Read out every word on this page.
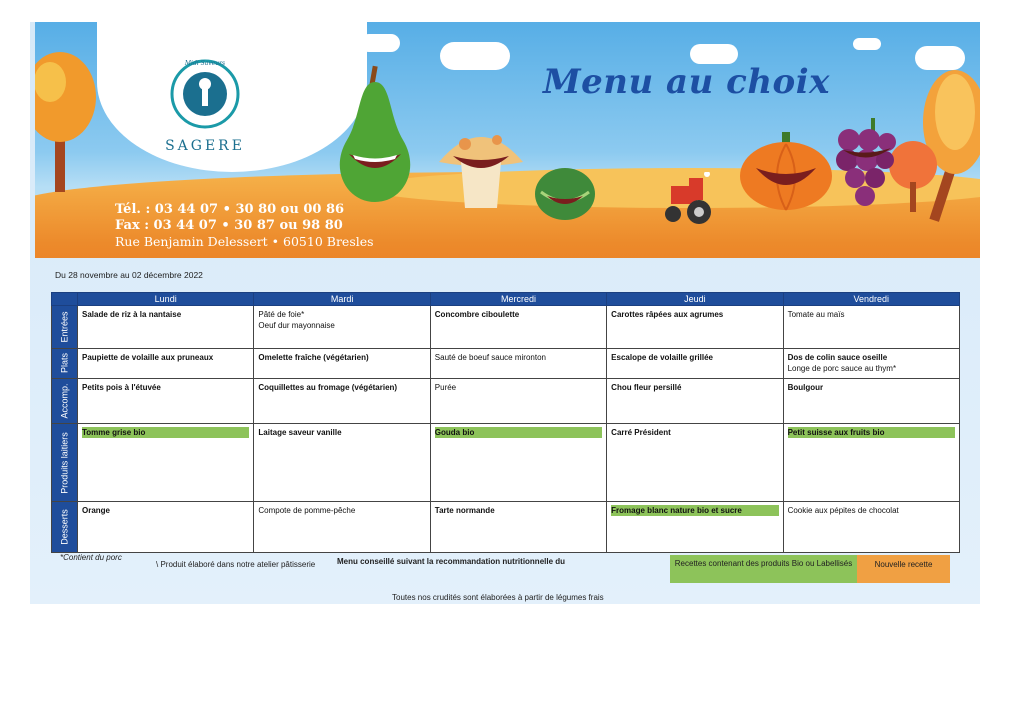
Midi Saveurs
SAGERE
Menu au choix
Tél. : 03 44 07 • 30 80 ou 00 86
Fax : 03 44 07 • 30 87 ou 98 80
Rue Benjamin Delessert • 60510 Bresles
Du 28 novembre au 02 décembre 2022
	Lundi	Mardi	Mercredi	Jeudi	Vendredi

Entrées	Salade de riz à la nantaise	Pâté de foie*
Oeuf dur mayonnaise	Concombre ciboulette	Carottes râpées aux agrumes	Tomate au maïs

Plats	Paupiette de volaille aux pruneaux	Omelette fraîche (végétarien)	Sauté de boeuf sauce mironton	Escalope de volaille grillée	Dos de colin sauce oseille
Longe de porc sauce au thym*

Accomp.	Petits pois à l'étuvée	Coquillettes au fromage (végétarien)	Purée	Chou fleur persillé	Boulgour

Produits laitiers	Tomme grise bio	Laitage saveur vanille	Gouda bio	Carré Président	Petit suisse aux fruits bio

Desserts	Orange	Compote de pomme-pêche	Tarte normande	Fromage blanc nature bio et sucre	Cookie aux pépites de chocolat
*Contient du porc
\ Produit élaboré dans notre atelier pâtisserie	Menu conseillé suivant la recommandation nutritionnelle du	Recettes contenant des produits Bio ou Labellisés	Nouvelle recette
Toutes nos crudités sont élaborées à partir de légumes frais
